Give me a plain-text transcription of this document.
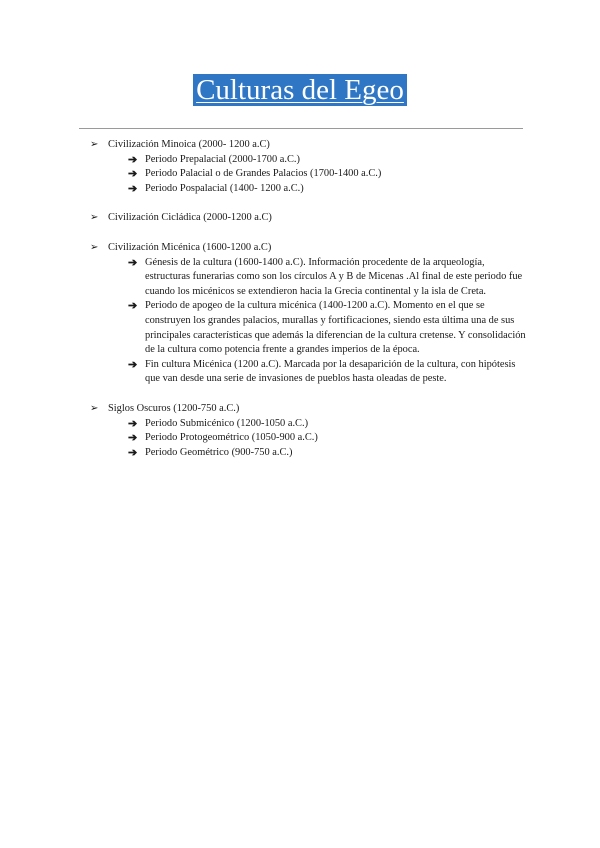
Culturas del Egeo
➢ Civilización Minoica (2000- 1200 a.C)
➔ Periodo Prepalacial (2000-1700 a.C.)
➔ Periodo Palacial o de Grandes Palacios (1700-1400 a.C.)
➔ Periodo Pospalacial (1400- 1200 a.C.)
➢ Civilización Cicládica (2000-1200 a.C)
➢ Civilización Micénica (1600-1200 a.C)
➔ Génesis de la cultura (1600-1400 a.C). Información procedente de la arqueología, estructuras funerarias como son los círculos A y B de Micenas .Al final de este periodo fue cuando los micénicos se extendieron hacia la Grecia continental y la isla de Creta.
➔ Periodo de apogeo de la cultura micénica (1400-1200 a.C). Momento en el que se construyen los grandes palacios, murallas y fortificaciones, siendo esta última una de sus principales características que además la diferencian de la cultura cretense. Y consolidación de la cultura como potencia frente a grandes imperios de la época.
➔ Fin cultura Micénica (1200 a.C). Marcada por la desaparición de la cultura, con hipótesis que van desde una serie de invasiones de pueblos hasta oleadas de peste.
➢ Siglos Oscuros (1200-750 a.C.)
➔ Periodo Submicénico (1200-1050 a.C.)
➔ Periodo Protogeométrico (1050-900 a.C.)
➔ Periodo Geométrico (900-750 a.C.)
